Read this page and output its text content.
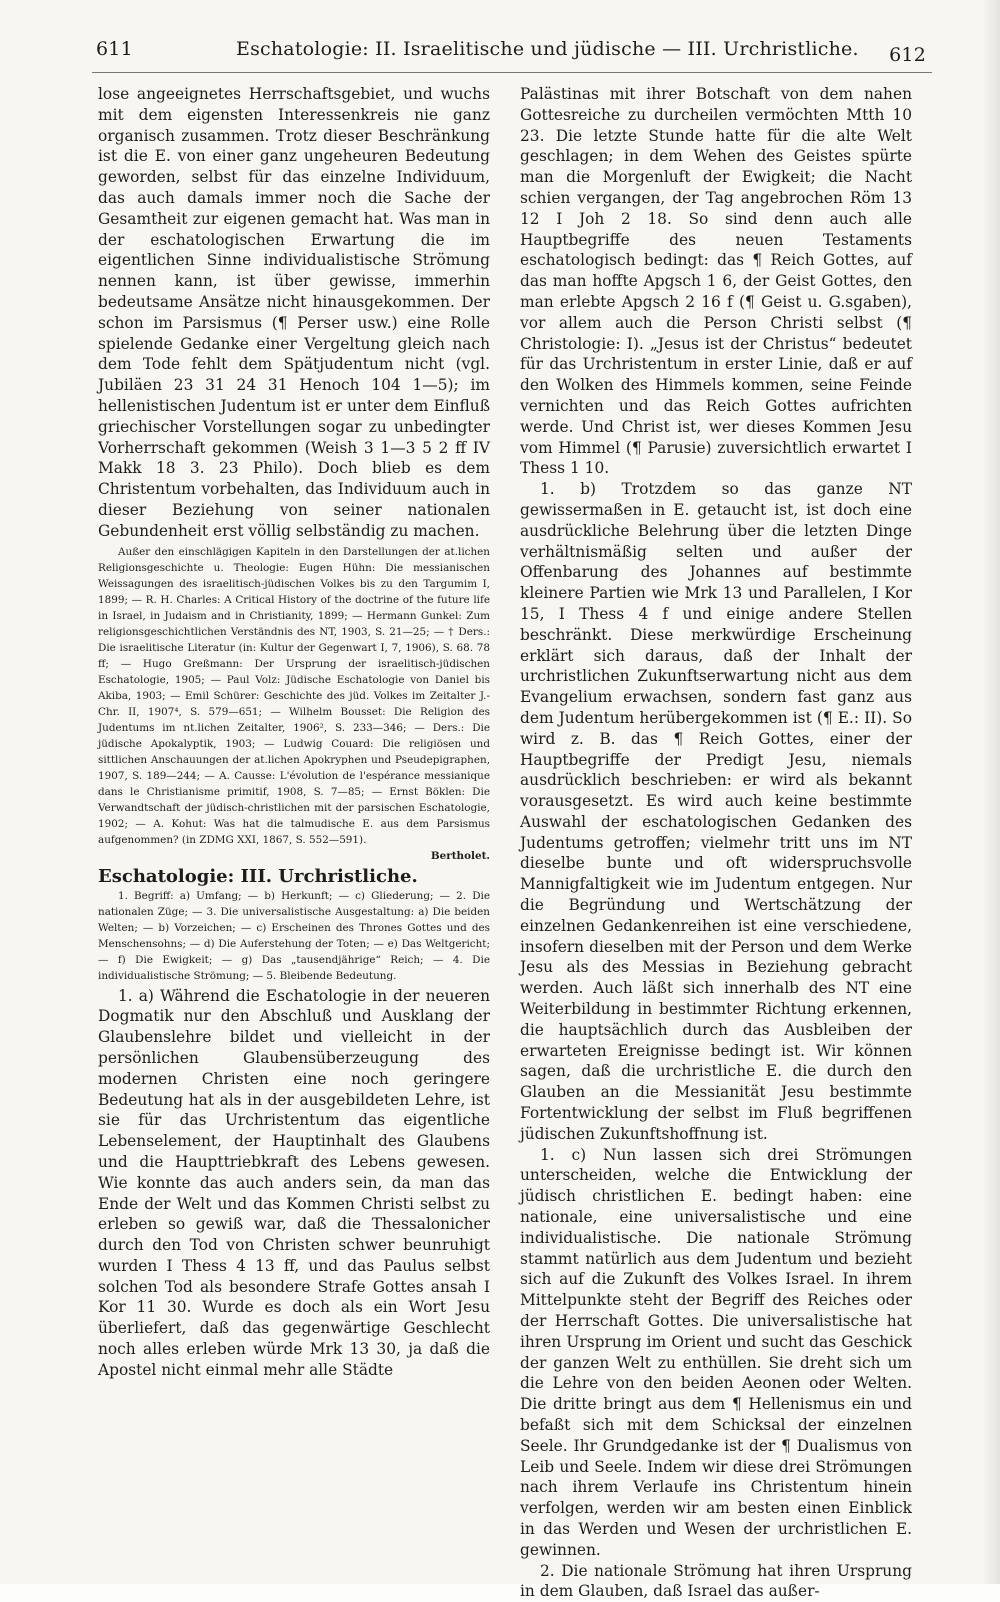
611	Eschatologie: II. Israelitische und jüdische — III. Urchristliche. 612

lose angeeignetes Herrschaftsgebiet, und wuchs mit dem eigensten Interessenkreis nie ganz organisch zusammen. Trotz dieser Beschränkung ist die E. von einer ganz ungeheuren Bedeutung geworden, selbst für das einzelne Individuum, das auch damals immer noch die Sache der Gesamtheit zur eigenen gemacht hat. Was man in der eschatologischen Erwartung die im eigentlichen Sinne individualistische Strömung nennen kann, ist über gewisse, immerhin bedeutsame Ansätze nicht hinausgekommen. Der schon im Parsismus (¶ Perser usw.) eine Rolle spielende Gedanke einer Vergeltung gleich nach dem Tode fehlt dem Spätjudentum nicht (vgl. Jubiläen 23 31 24 31 Henoch 104 1—5); im hellenistischen Judentum ist er unter dem Einfluß griechischer Vorstellungen sogar zu unbedingter Vorherrschaft gekommen (Weish 3 1—3 5 2 ff IV Makk 18 3. 23 Philo). Doch blieb es dem Christentum vorbehalten, das Individuum auch in dieser Beziehung von seiner nationalen Gebundenheit erst völlig selbständig zu machen.

Außer den einschlägigen Kapiteln in den Darstellungen der at.lichen Religionsgeschichte u. Theologie: Eugen Hühn: Die messianischen Weissagungen des israelitisch-jüdischen Volkes bis zu den Targumim I, 1899; — R. H. Charles: A Critical History of the doctrine of the future life in Israel, in Judaism and in Christianity, 1899; — Hermann Gunkel: Zum religionsgeschichtlichen Verständnis des NT, 1903, S. 21—25; — † Ders.: Die israelitische Literatur (in: Kultur der Gegenwart I, 7, 1906), S. 68. 78 ff; — Hugo Greßmann: Der Ursprung der israelitisch-jüdischen Eschatologie, 1905; — Paul Volz: Jüdische Eschatologie von Daniel bis Akiba, 1903; — Emil Schürer: Geschichte des jüd. Volkes im Zeitalter J.-Chr. II, 1907⁴, S. 579—651; — Wilhelm Bousset: Die Religion des Judentums im nt.lichen Zeitalter, 1906², S. 233—346; — Ders.: Die jüdische Apokalyptik, 1903; — Ludwig Couard: Die religiösen und sittlichen Anschauungen der at.lichen Apokryphen und Pseudepigraphen, 1907, S. 189—244; — A. Causse: L'évolution de l'espérance messianique dans le Christianisme primitif, 1908, S. 7—85; — Ernst Böklen: Die Verwandtschaft der jüdisch-christlichen mit der parsischen Eschatologie, 1902; — A. Kohut: Was hat die talmudische E. aus dem Parsismus aufgenommen? (in ZDMG XXI, 1867, S. 552—591).

Bertholet.

Eschatologie: III. Urchristliche.

1. Begriff: a) Umfang; — b) Herkunft; — c) Gliederung; — 2. Die nationalen Züge; — 3. Die universalistische Ausgestaltung: a) Die beiden Welten; — b) Vorzeichen; — c) Erscheinen des Thrones Gottes und des Menschensohns; — d) Die Auferstehung der Toten; — e) Das Weltgericht; — f) Die Ewigkeit; — g) Das „tausendjährige“ Reich; — 4. Die individualistische Strömung; — 5. Bleibende Bedeutung.

1. a) Während die Eschatologie in der neueren Dogmatik nur den Abschluß und Ausklang der Glaubenslehre bildet und vielleicht in der persönlichen Glaubensüberzeugung des modernen Christen eine noch geringere Bedeutung hat als in der ausgebildeten Lehre, ist sie für das Urchristentum das eigentliche Lebenselement, der Hauptinhalt des Glaubens und die Haupttriebkraft des Lebens gewesen. Wie konnte das auch anders sein, da man das Ende der Welt und das Kommen Christi selbst zu erleben so gewiß war, daß die Thessalonicher durch den Tod von Christen schwer beunruhigt wurden I Thess 4 13 ff, und das Paulus selbst solchen Tod als besondere Strafe Gottes ansah I Kor 11 30. Wurde es doch als ein Wort Jesu überliefert, daß das gegenwärtige Geschlecht noch alles erleben würde Mrk 13 30, ja daß die Apostel nicht einmal mehr alle Städte

Palästinas mit ihrer Botschaft von dem nahen Gottesreiche zu durcheilen vermöchten Mtth 10 23. Die letzte Stunde hatte für die alte Welt geschlagen; in dem Wehen des Geistes spürte man die Morgenluft der Ewigkeit; die Nacht schien vergangen, der Tag angebrochen Röm 13 12 I Joh 2 18. So sind denn auch alle Hauptbegriffe des neuen Testaments eschatologisch bedingt: das ¶ Reich Gottes, auf das man hoffte Apgsch 1 6, der Geist Gottes, den man erlebte Apgsch 2 16 f (¶ Geist u. G.sgaben), vor allem auch die Person Christi selbst (¶ Christologie: I). „Jesus ist der Christus“ bedeutet für das Urchristentum in erster Linie, daß er auf den Wolken des Himmels kommen, seine Feinde vernichten und das Reich Gottes aufrichten werde. Und Christ ist, wer dieses Kommen Jesu vom Himmel (¶ Parusie) zuversichtlich erwartet I Thess 1 10.

1. b) Trotzdem so das ganze NT gewissermaßen in E. getaucht ist, ist doch eine ausdrückliche Belehrung über die letzten Dinge verhältnismäßig selten und außer der Offenbarung des Johannes auf bestimmte kleinere Partien wie Mrk 13 und Parallelen, I Kor 15, I Thess 4 f und einige andere Stellen beschränkt. Diese merkwürdige Erscheinung erklärt sich daraus, daß der Inhalt der urchristlichen Zukunftserwartung nicht aus dem Evangelium erwachsen, sondern fast ganz aus dem Judentum herübergekommen ist (¶ E.: II). So wird z. B. das ¶ Reich Gottes, einer der Hauptbegriffe der Predigt Jesu, niemals ausdrücklich beschrieben: er wird als bekannt vorausgesetzt. Es wird auch keine bestimmte Auswahl der eschatologischen Gedanken des Judentums getroffen; vielmehr tritt uns im NT dieselbe bunte und oft widerspruchsvolle Mannigfaltigkeit wie im Judentum entgegen. Nur die Begründung und Wertschätzung der einzelnen Gedankenreihen ist eine verschiedene, insofern dieselben mit der Person und dem Werke Jesu als des Messias in Beziehung gebracht werden. Auch läßt sich innerhalb des NT eine Weiterbildung in bestimmter Richtung erkennen, die hauptsächlich durch das Ausbleiben der erwarteten Ereignisse bedingt ist. Wir können sagen, daß die urchristliche E. die durch den Glauben an die Messianität Jesu bestimmte Fortentwicklung der selbst im Fluß begriffenen jüdischen Zukunftshoffnung ist.

1. c) Nun lassen sich drei Strömungen unterscheiden, welche die Entwicklung der jüdisch christlichen E. bedingt haben: eine nationale, eine universalistische und eine individualistische. Die nationale Strömung stammt natürlich aus dem Judentum und bezieht sich auf die Zukunft des Volkes Israel. In ihrem Mittelpunkte steht der Begriff des Reiches oder der Herrschaft Gottes. Die universalistische hat ihren Ursprung im Orient und sucht das Geschick der ganzen Welt zu enthüllen. Sie dreht sich um die Lehre von den beiden Aeonen oder Welten. Die dritte bringt aus dem ¶ Hellenismus ein und befaßt sich mit dem Schicksal der einzelnen Seele. Ihr Grundgedanke ist der ¶ Dualismus von Leib und Seele. Indem wir diese drei Strömungen nach ihrem Verlaufe ins Christentum hinein verfolgen, werden wir am besten einen Einblick in das Werden und Wesen der urchristlichen E. gewinnen.

2. Die nationale Strömung hat ihren Ursprung in dem Glauben, daß Israel das außer-
